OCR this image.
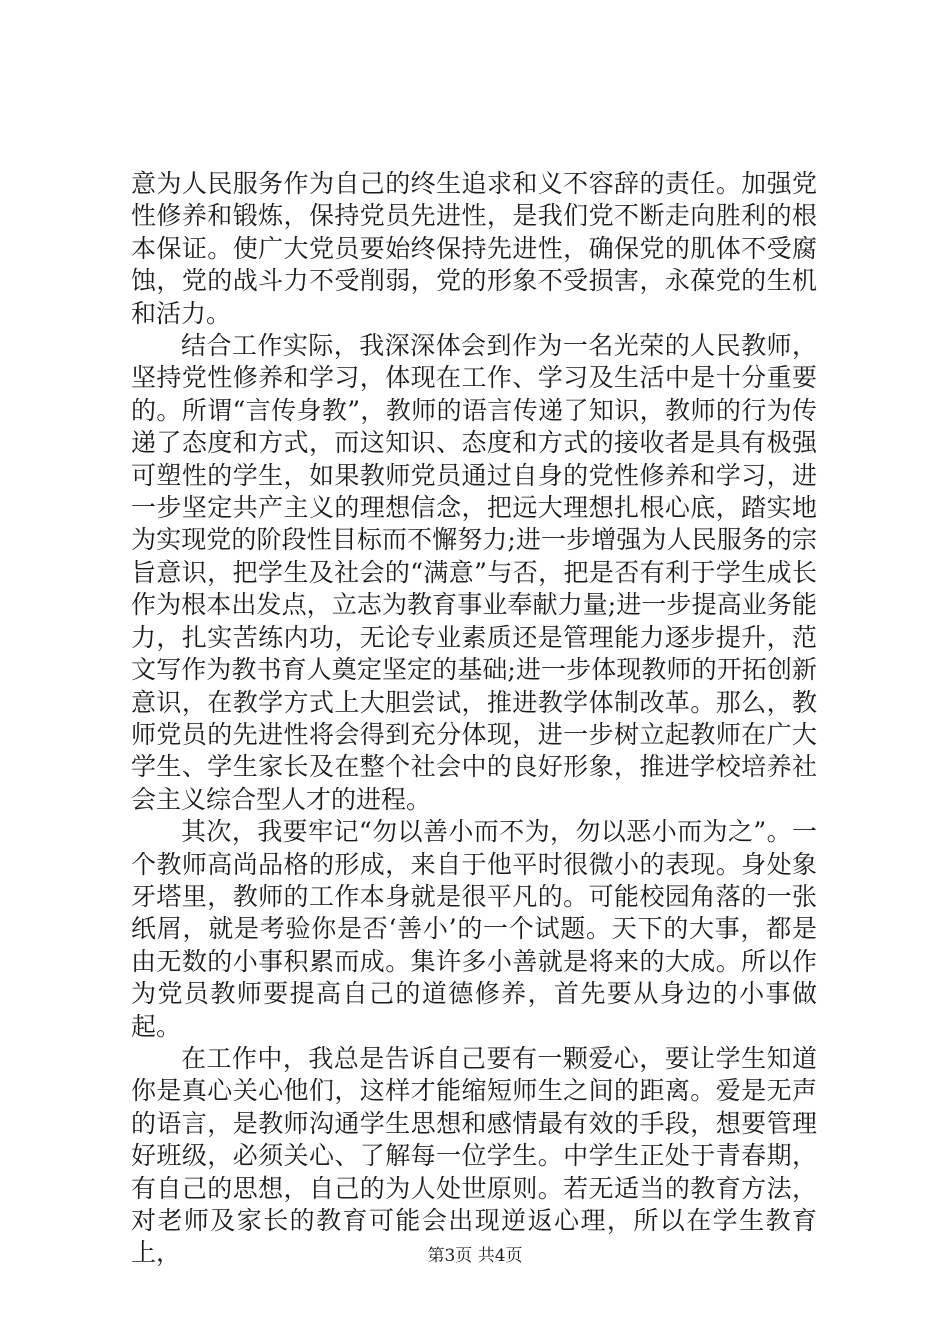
意为人民服务作为自己的终生追求和义不容辞的责任。加强党性修养和锻炼，保持党员先进性，是我们党不断走向胜利的根本保证。使广大党员要始终保持先进性，确保党的肌体不受腐蚀，党的战斗力不受削弱，党的形象不受损害，永葆党的生机和活力。

结合工作实际，我深深体会到作为一名光荣的人民教师，坚持党性修养和学习，体现在工作、学习及生活中是十分重要的。所谓“言传身教”，教师的语言传递了知识，教师的行为传递了态度和方式，而这知识、态度和方式的接收者是具有极强可塑性的学生，如果教师党员通过自身的党性修养和学习，进一步坚定共产主义的理想信念，把远大理想扎根心底，踏实地为实现党的阶段性目标而不懈努力;进一步增强为人民服务的宗旨意识，把学生及社会的“满意”与否，把是否有利于学生成长作为根本出发点，立志为教育事业奉献力量;进一步提高业务能力，扎实苦练内功，无论专业素质还是管理能力逐步提升，范文写作为教书育人奠定坚定的基础;进一步体现教师的开拓创新意识，在教学方式上大胆尝试，推进教学体制改革。那么，教师党员的先进性将会得到充分体现，进一步树立起教师在广大学生、学生家长及在整个社会中的良好形象，推进学校培养社会主义综合型人才的进程。

其次，我要牢记“勿以善小而不为，勿以恶小而为之”。一个教师高尚品格的形成，来自于他平时很微小的表现。身处象牙塔里，教师的工作本身就是很平凡的。可能校园角落的一张纸屑，就是考验你是否‘善小’的一个试题。天下的大事，都是由无数的小事积累而成。集许多小善就是将来的大成。所以作为党员教师要提高自己的道德修养，首先要从身边的小事做起。

在工作中，我总是告诉自己要有一颗爱心，要让学生知道你是真心关心他们，这样才能缩短师生之间的距离。爱是无声的语言，是教师沟通学生思想和感情最有效的手段，想要管理好班级，必须关心、了解每一位学生。中学生正处于青春期，有自己的思想，自己的为人处世原则。若无适当的教育方法，对老师及家长的教育可能会出现逆返心理，所以在学生教育上，	第3页 共4页
